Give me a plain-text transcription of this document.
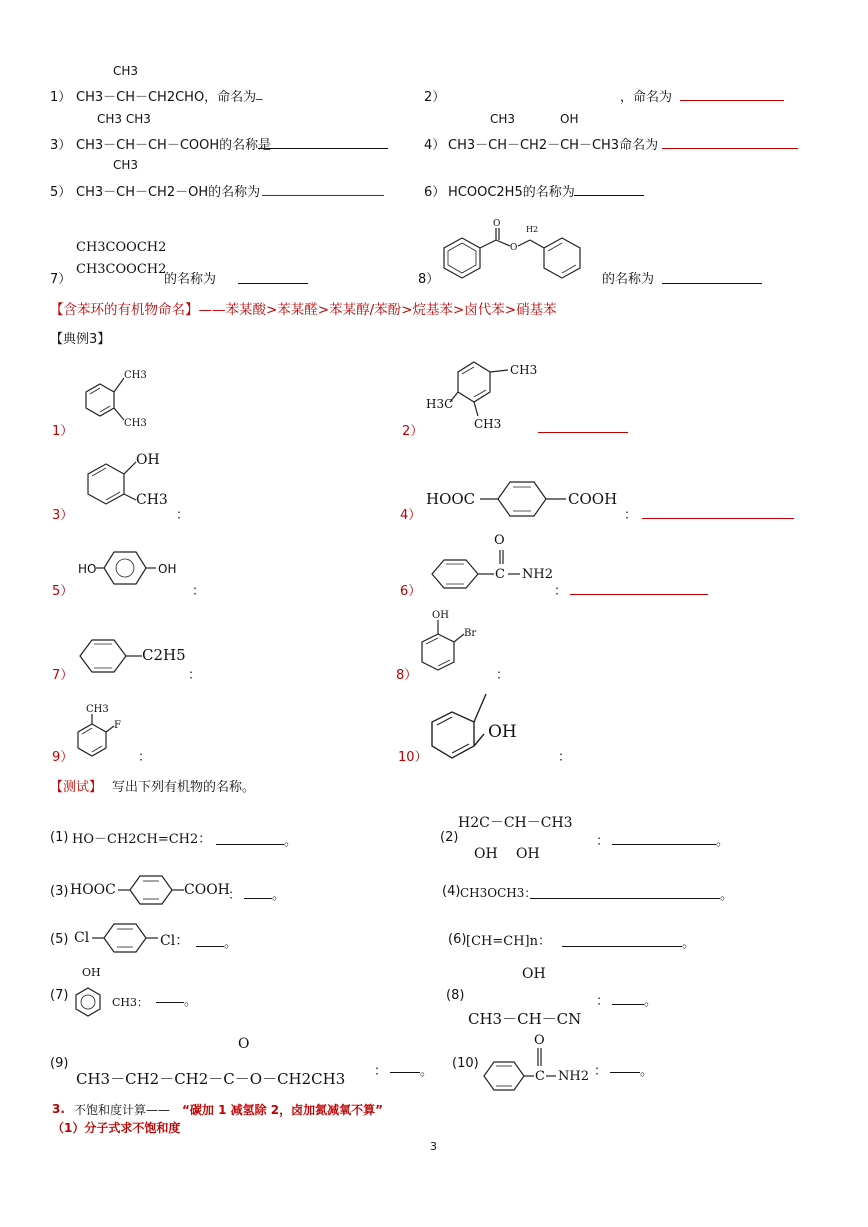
CH3
1） CH3－CH－CH2CHO，命名为 _	2）	，命名为
CH3 CH3
3） CH3－CH－CH－COOH的名称是
CH3	OH
4） CH3－CH－CH2－CH－CH3命名为
CH3
5） CH3－CH－CH2－OH的名称为	6） HCOOC2H5的名称为
CH3COOCH2
7）
CH3COOCH2
的名称为	8）
O
O
H2
的名称为
【含苯环的有机物命名】——苯某酸>苯某醛>苯某醇/苯酚>烷基苯>卤代苯>硝基苯
【典例3】
1）
CH3
CH3
2）
CH3
H3C
CH3
3）
OH
CH3
：	4）
HOOC	COOH
：
5）
HO	OH
：	6）
O
C NH2
：
7）
C2H5
：	8）
OH
Br
：
9）
CH3
F
：	10）
OH
：
【测试】 写出下列有机物的名称。
(1) HO－CH2CH=CH2：	。	(2)
H2C－CH－CH3
OH OH
：	。
(3) HOOC	COOH
： 。	(4) CH3OCH3：	。
(5) Cl	Cl：	。	(6) [CH=CH]n：	。
(7)
OH
CH3：	。	(8)
OH
CH3－CH－CN
：	。
(9)
O
CH3－CH2－CH2－C－O－CH2CH3 ：	。
(10)
O
C NH2 ：	。
3. 不饱和度计算—— “碳加 1 减氢除 2，卤加氮减氧不算”
（1）分子式求不饱和度
3
